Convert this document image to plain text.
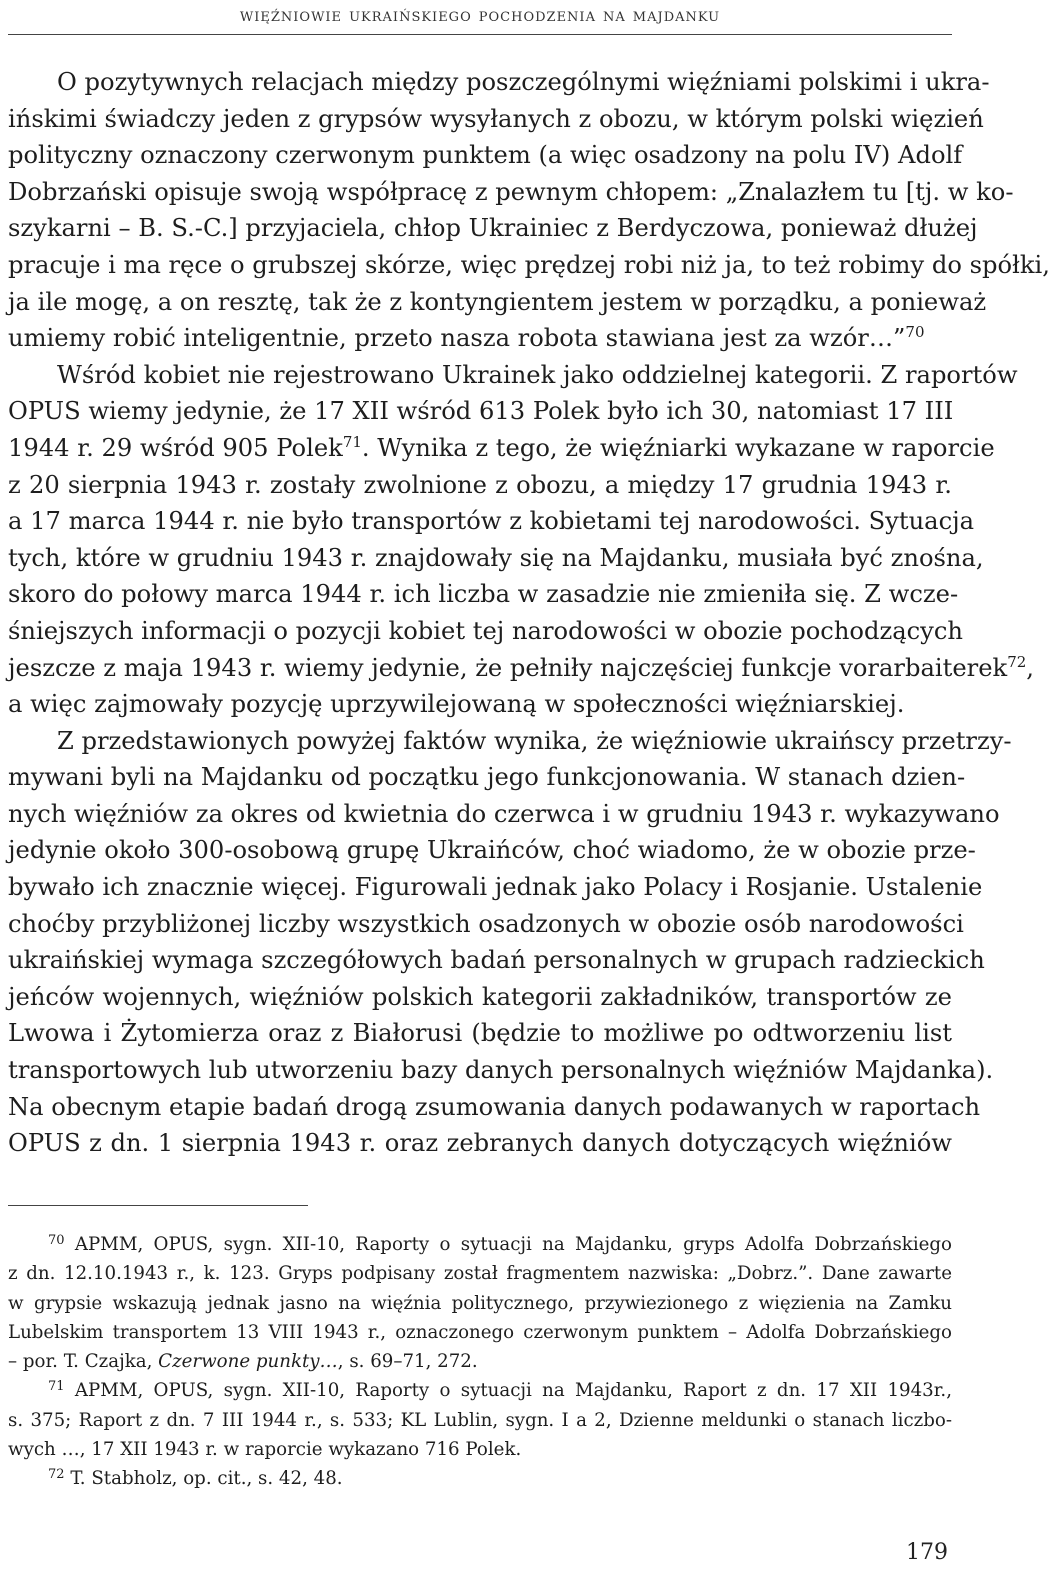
więźniowie ukraińskiego pochodzenia na majdanku
O pozytywnych relacjach między poszczególnymi więźniami polskimi i ukra-
ińskimi świadczy jeden z grypsów wysyłanych z obozu, w którym polski więzień
polityczny oznaczony czerwonym punktem (a więc osadzony na polu IV) Adolf
Dobrzański opisuje swoją współpracę z pewnym chłopem: „Znalazłem tu [tj. w ko-
szykarni – B. S.-C.] przyjaciela, chłop Ukrainiec z Berdyczowa, ponieważ dłużej
pracuje i ma ręce o grubszej skórze, więc prędzej robi niż ja, to też robimy do spółki,
ja ile mogę, a on resztę, tak że z kontyngientem jestem w porządku, a ponieważ
umiemy robić inteligentnie, przeto nasza robota stawiana jest za wzór…”$^{70}$
Wśród kobiet nie rejestrowano Ukrainek jako oddzielnej kategorii. Z raportów
OPUS wiemy jedynie, że 17 XII wśród 613 Polek było ich 30, natomiast 17 III
1944 r. 29 wśród 905 Polek$^{71}$. Wynika z tego, że więźniarki wykazane w raporcie
z 20 sierpnia 1943 r. zostały zwolnione z obozu, a między 17 grudnia 1943 r.
a 17 marca 1944 r. nie było transportów z kobietami tej narodowości. Sytuacja
tych, które w grudniu 1943 r. znajdowały się na Majdanku, musiała być znośna,
skoro do połowy marca 1944 r. ich liczba w zasadzie nie zmieniła się. Z wcze-
śniejszych informacji o pozycji kobiet tej narodowości w obozie pochodzących
jeszcze z maja 1943 r. wiemy jedynie, że pełniły najczęściej funkcje vorarbaiterek$^{72}$,
a więc zajmowały pozycję uprzywilejowaną w społeczności więźniarskiej.
Z przedstawionych powyżej faktów wynika, że więźniowie ukraińscy przetrzy-
mywani byli na Majdanku od początku jego funkcjonowania. W stanach dzien-
nych więźniów za okres od kwietnia do czerwca i w grudniu 1943 r. wykazywano
jedynie około 300-osobową grupę Ukraińców, choć wiadomo, że w obozie prze-
bywało ich znacznie więcej. Figurowali jednak jako Polacy i Rosjanie. Ustalenie
choćby przybliżonej liczby wszystkich osadzonych w obozie osób narodowości
ukraińskiej wymaga szczegółowych badań personalnych w grupach radzieckich
jeńców wojennych, więźniów polskich kategorii zakładników, transportów ze
Lwowa i Żytomierza oraz z Białorusi (będzie to możliwe po odtworzeniu list
transportowych lub utworzeniu bazy danych personalnych więźniów Majdanka).
Na obecnym etapie badań drogą zsumowania danych podawanych w raportach
OPUS z dn. 1 sierpnia 1943 r. oraz zebranych danych dotyczących więźniów
$^{70}$ APMM, OPUS, sygn. XII-10, Raporty o sytuacji na Majdanku, gryps Adolfa Dobrzańskiego
z dn. 12.10.1943 r., k. 123. Gryps podpisany został fragmentem nazwiska: „Dobrz.”. Dane zawarte
w grypsie wskazują jednak jasno na więźnia politycznego, przywiezionego z więzienia na Zamku
Lubelskim transportem 13 VIII 1943 r., oznaczonego czerwonym punktem – Adolfa Dobrzańskiego
– por. T. Czajka, Czerwone punkty…, s. 69–71, 272.
$^{71}$ APMM, OPUS, sygn. XII-10, Raporty o sytuacji na Majdanku, Raport z dn. 17 XII 1943r.,
s. 375; Raport z dn. 7 III 1944 r., s. 533; KL Lublin, sygn. I a 2, Dzienne meldunki o stanach liczbo-
wych …, 17 XII 1943 r. w raporcie wykazano 716 Polek.
$^{72}$ T. Stabholz, op. cit., s. 42, 48.
179
